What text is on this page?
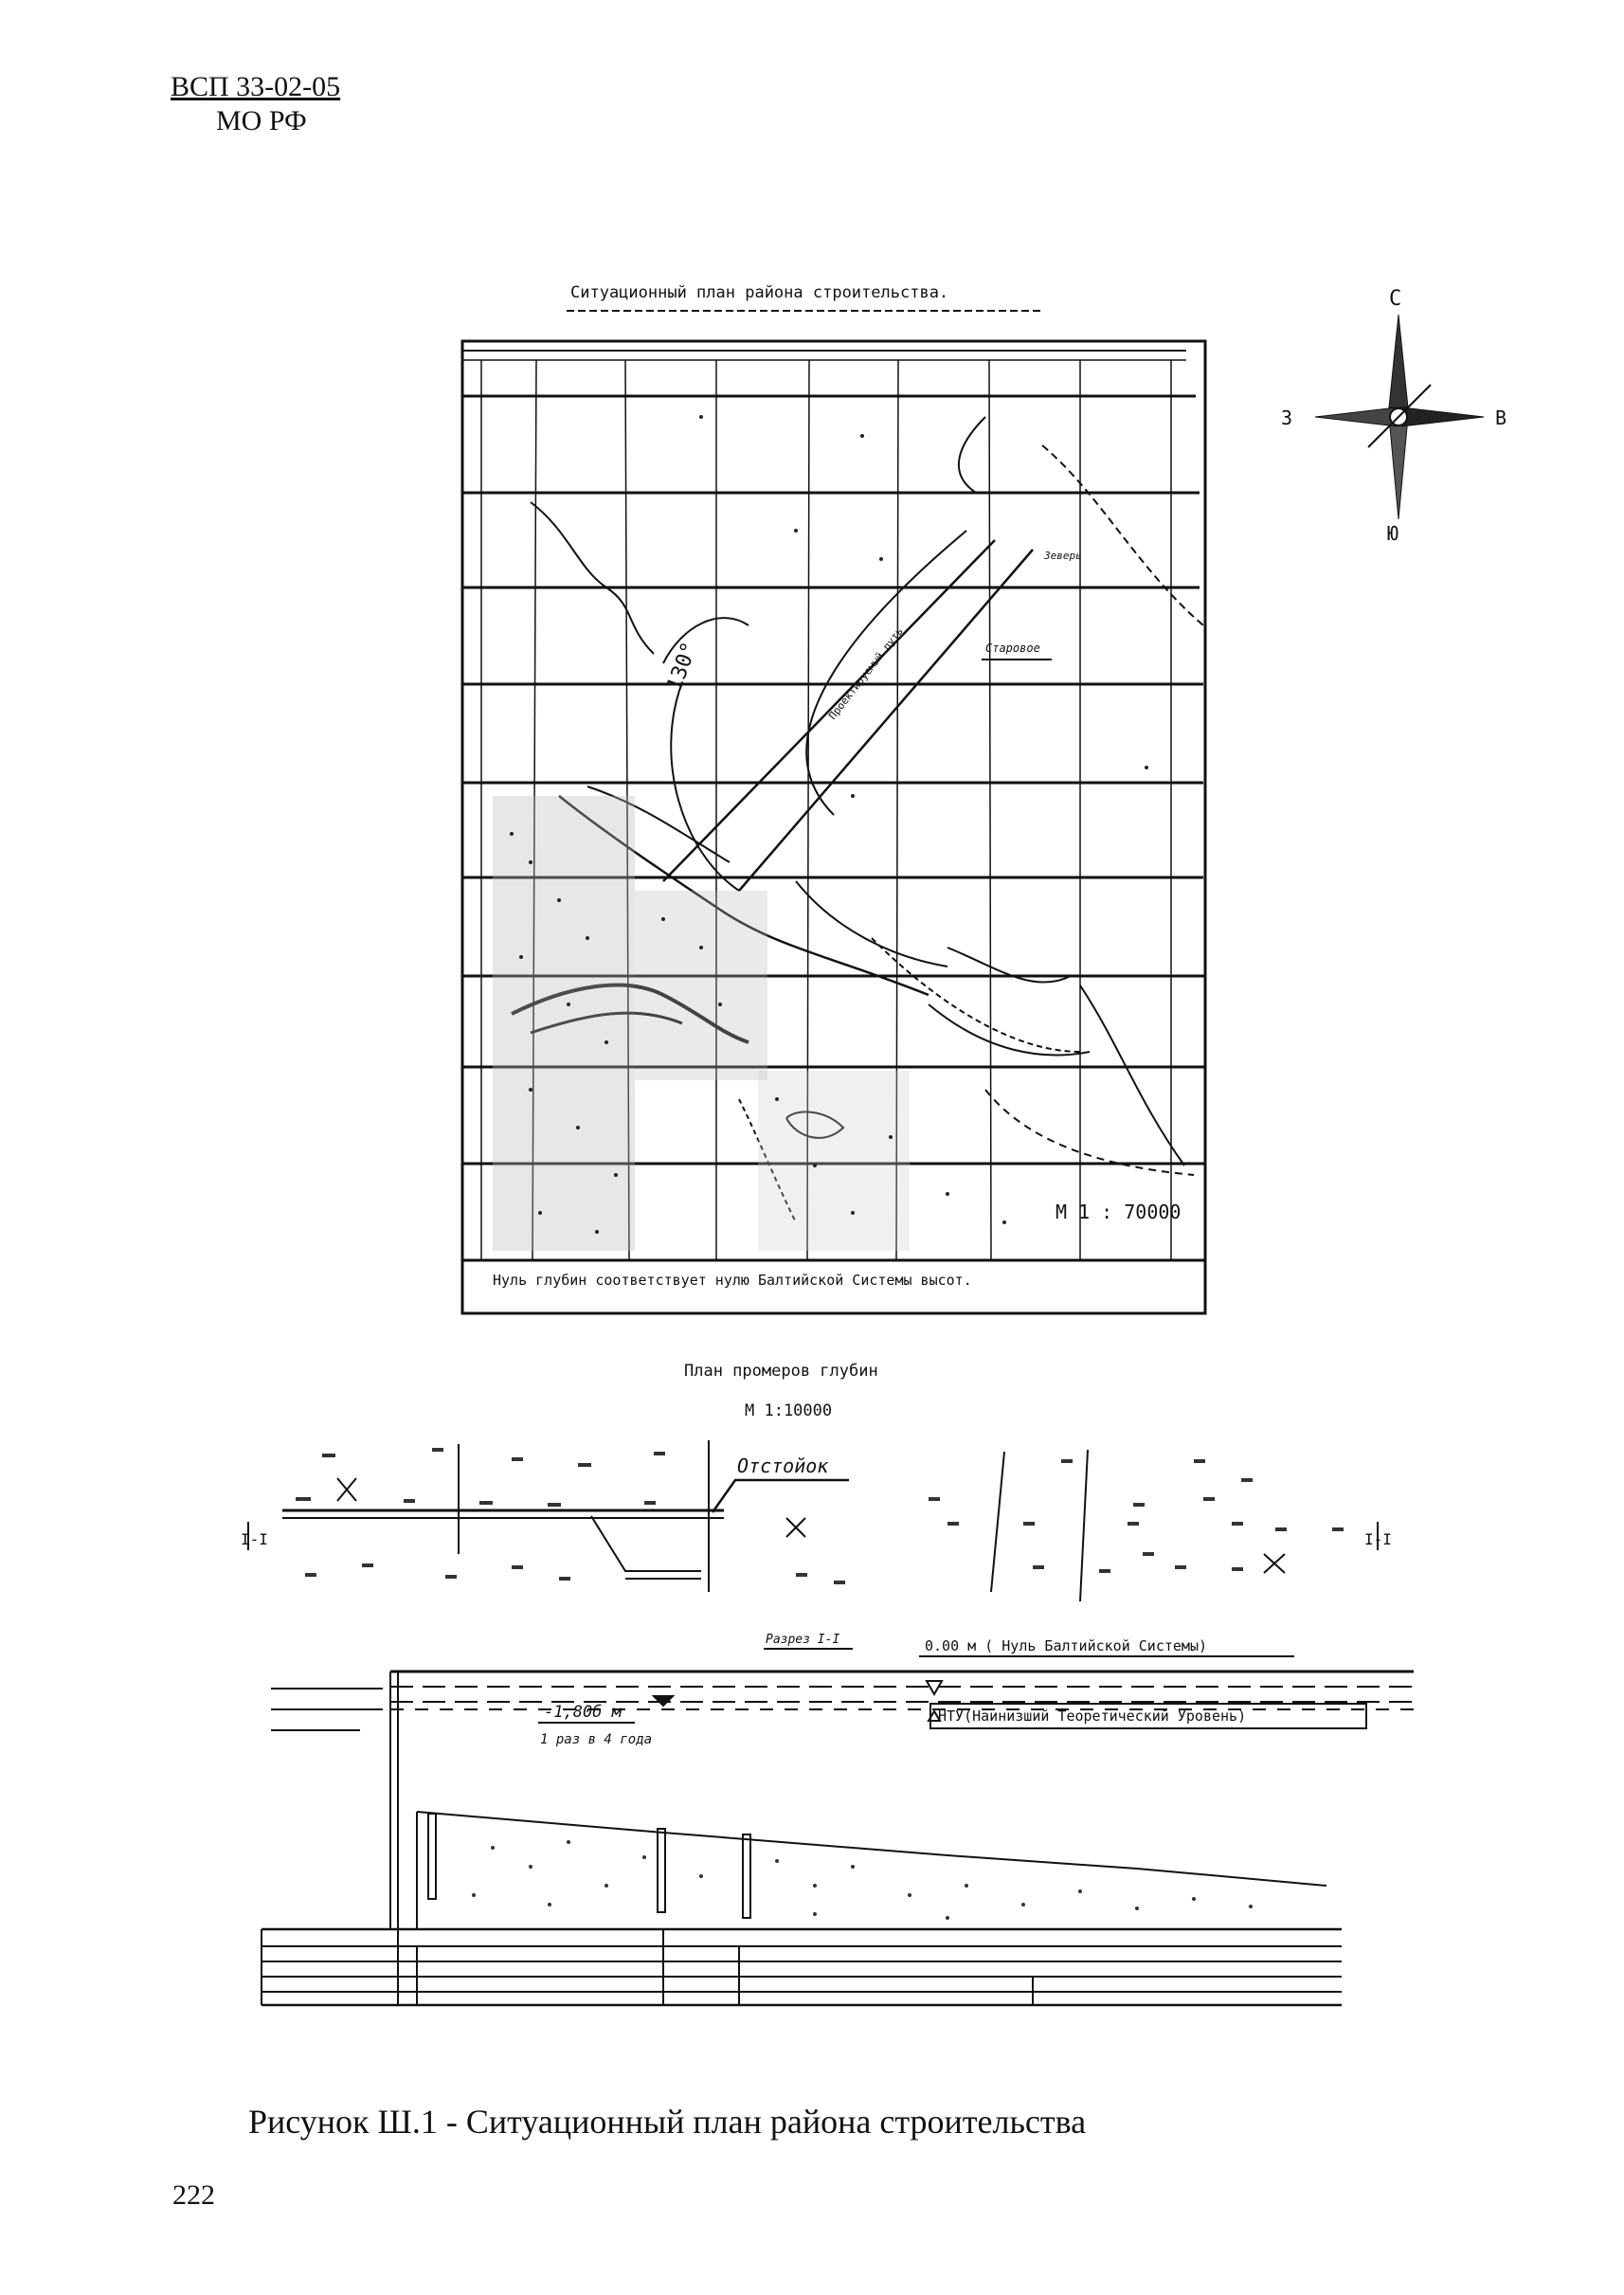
ВСП 33-02-05
МО РФ
Ситуационный план района строительства.
Старовое
Зеверь
130°	Проектируемый путь
М 1 : 70000
Нуль глубин соответствует нулю Балтийской Системы высот.
С
В
Ю
З
План промеров глубин
М 1:10000
Отстойок
I-I	I-I
Разрез I-I	0.00 м ( Нуль Балтийской Системы)
НТУ(Наинизший Теоретический Уровень)
-1,80б м
1 раз в 4 года
Рисунок Ш.1 - Ситуационный план района строительства
222
